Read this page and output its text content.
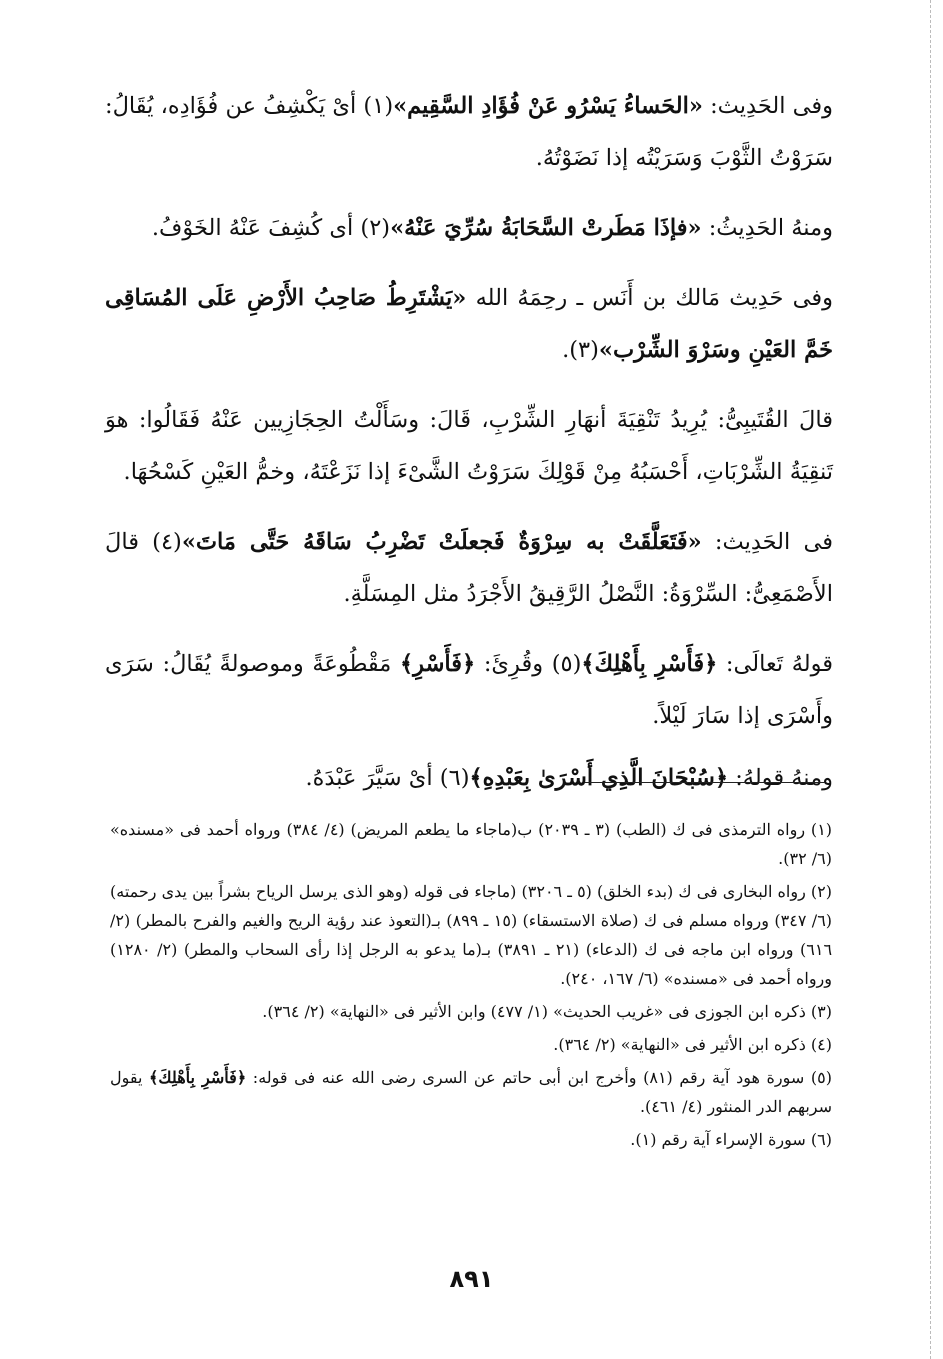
وفى الحَدِيث: «الحَساءُ يَسْرُو عَنْ فُؤَادِ السَّقِيم»(١) أىْ يَكْشِفُ عن فُؤَادِه، يُقَالُ: سَرَوْتُ الثَّوْبَ وَسَرَيْتُه إذا نَضَوْتُهُ.

ومنهُ الحَدِيثُ: «فإذَا مَطَرتْ السَّحَابَةُ سُرِّيَ عَنْهُ»(٢) أى كُشِفَ عَنْهُ الخَوْفُ.

وفى حَدِيث مَالك بن أَنَس ـ رحِمَهُ الله «يَشْتَرِطُ صَاحِبُ الأَرْضِ عَلَى المُسَاقِى خَمَّ العَيْنِ وسَرْوَ الشِّرْب»(٣).

قالَ القُتَيبِىُّ: يُرِيدُ تَنْقِيَةَ أنهَارِ الشِّرْبِ، قَالَ: وسَأَلْتُ الحِجَازِيين عَنْهُ فَقَالُوا: هوَ تَنقِيَةُ الشِّرْبَاتِ، أَحْسَبُهُ مِنْ قَوْلِكَ سَرَوْتُ الشَّىْءَ إذا نَزَعْتَهُ، وخمُّ العَيْنِ كَسْحُهَا.

فى الحَدِيث: «فَتَعَلَّقَتْ به سِرْوَةٌ فَجعلَتْ تَضْرِبُ سَاقَهُ حَتَّى مَاتَ»(٤) قالَ الأَصْمَعِىُّ: السِّرْوَةُ: النَّصْلُ الرَّقِيقُ الأَجْرَدُ مثل المِسَلَّةِ.

قولهُ تَعالَى: ﴿فَأَسْرِ بِأَهْلِكَ﴾(٥) وقُرِئَ: ﴿فَأَسْرِ﴾ مَقْطُوعَةً وموصولةً يُقَالُ: سَرَى وأَسْرَى إذا سَارَ لَيْلاً.

ومنهُ قولهُ: ﴿سُبْحَانَ الَّذِي أَسْرَىٰ بِعَبْدِهِ﴾(٦) أىْ سَيَّرَ عَبْدَهُ.

(١) رواه الترمذى فى ك (الطب) (٣ ـ ٢٠٣٩) ب(ماجاء ما يطعم المريض) (٤/ ٣٨٤) ورواه أحمد فى «مسنده» (٦/ ٣٢).

(٢) رواه البخارى فى ك (بدء الخلق) (٥ ـ ٣٢٠٦) (ماجاء فى قوله (وهو الذى يرسل الرياح بشراً بين يدى رحمته) (٦/ ٣٤٧) ورواه مسلم فى ك (صلاة الاستسقاء) (١٥ ـ ٨٩٩) بـ(التعوذ عند رؤية الريح والغيم والفرح بالمطر) (٢/ ٦١٦) ورواه ابن ماجه فى ك (الدعاء) (٢١ ـ ٣٨٩١) بـ(ما يدعو به الرجل إذا رأى السحاب والمطر) (٢/ ١٢٨٠) ورواه أحمد فى «مسنده» (٦/ ١٦٧، ٢٤٠).

(٣) ذكره ابن الجوزى فى «غريب الحديث» (١/ ٤٧٧) وابن الأثير فى «النهاية» (٢/ ٣٦٤).

(٤) ذكره ابن الأثير فى «النهاية» (٢/ ٣٦٤).

(٥) سورة هود آية رقم (٨١) وأخرج ابن أبى حاتم عن السرى رضى الله عنه فى قوله: ﴿فَأَسْرِ بِأَهْلِكَ﴾ يقول سربهم الدر المنثور (٤/ ٤٦١).

(٦) سورة الإسراء آية رقم (١).

٨٩١
